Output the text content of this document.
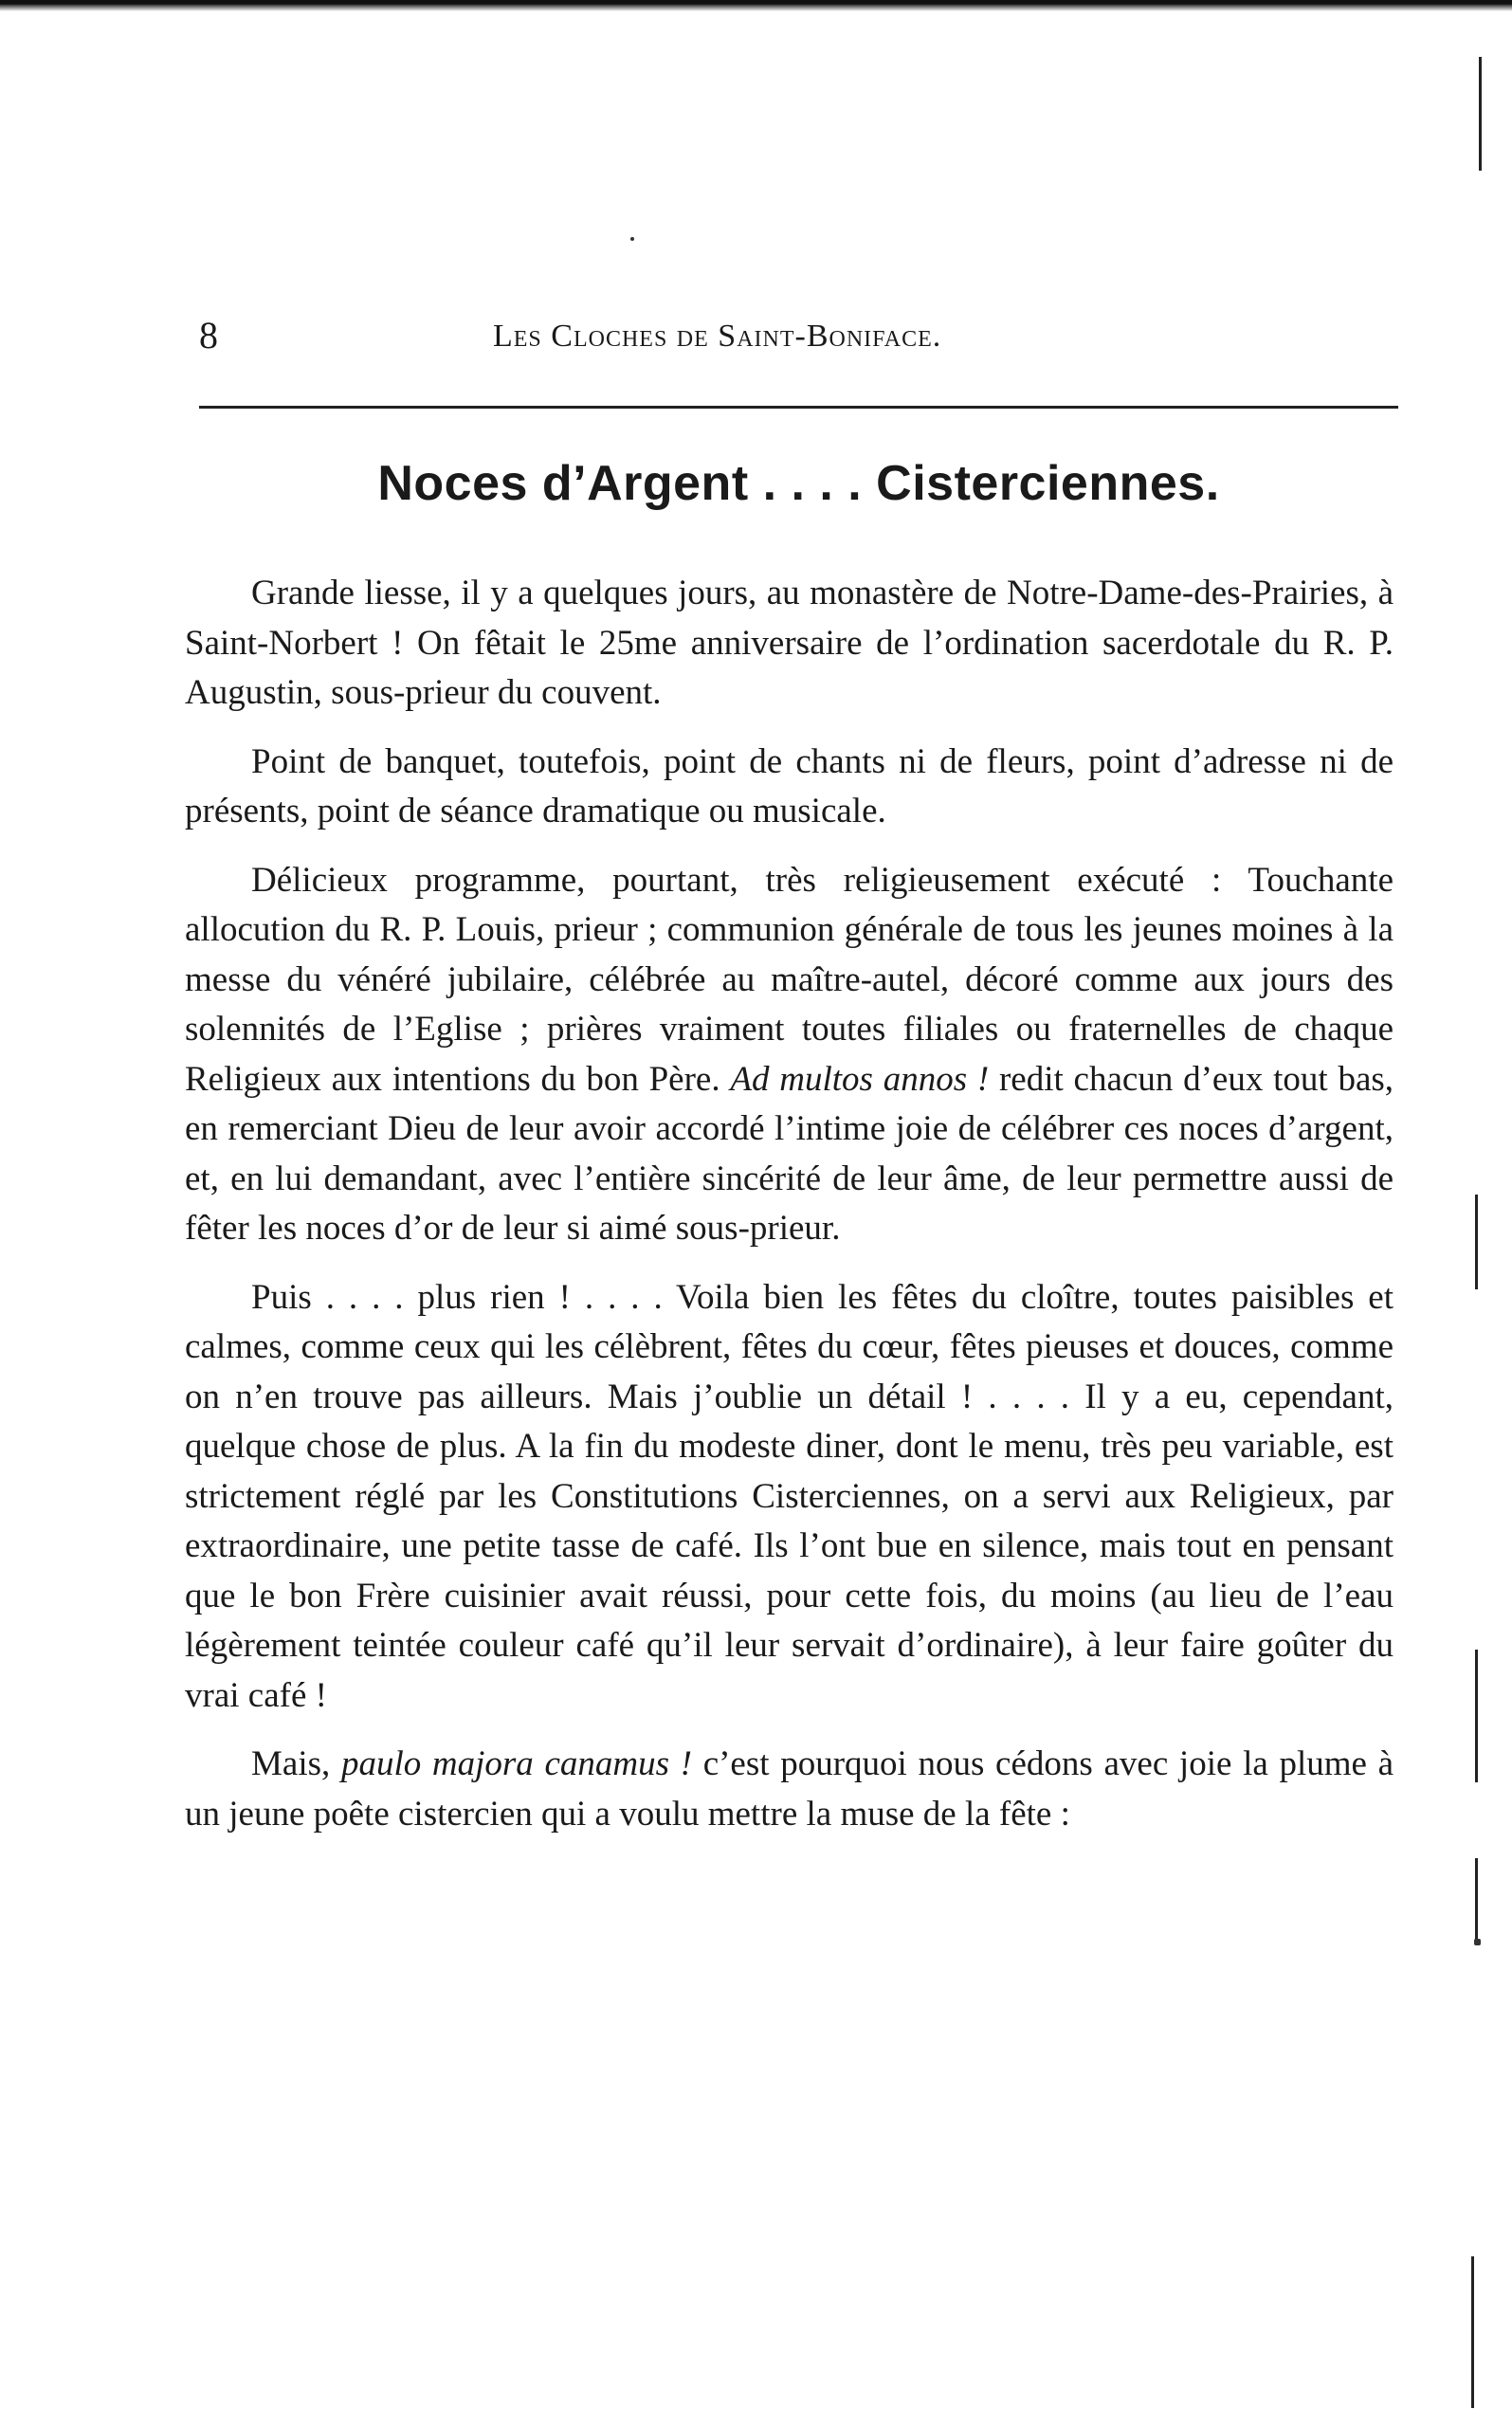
8	Les Cloches de Saint-Boniface.
Noces d’Argent . . . . Cisterciennes.

Grande liesse, il y a quelques jours, au monastère de Notre-Dame-des-Prairies, à Saint-Norbert ! On fêtait le 25me anniversaire de l’ordination sacerdotale du R. P. Augustin, sous-prieur du couvent.

Point de banquet, toutefois, point de chants ni de fleurs, point d’adresse ni de présents, point de séance dramatique ou musicale.

Délicieux programme, pourtant, très religieusement exécuté : Touchante allocution du R. P. Louis, prieur ; communion générale de tous les jeunes moines à la messe du vénéré jubilaire, célébrée au maître-autel, décoré comme aux jours des solennités de l’Eglise ; prières vraiment toutes filiales ou fraternelles de chaque Religieux aux intentions du bon Père. Ad multos annos ! redit chacun d’eux tout bas, en remerciant Dieu de leur avoir accordé l’intime joie de célébrer ces noces d’argent, et, en lui demandant, avec l’entière sincérité de leur âme, de leur permettre aussi de fêter les noces d’or de leur si aimé sous-prieur.

Puis . . . . plus rien ! . . . . Voila bien les fêtes du cloître, toutes paisibles et calmes, comme ceux qui les célèbrent, fêtes du cœur, fêtes pieuses et douces, comme on n’en trouve pas ailleurs. Mais j’oublie un détail ! . . . . Il y a eu, cependant, quelque chose de plus. A la fin du modeste diner, dont le menu, très peu variable, est strictement réglé par les Constitutions Cisterciennes, on a servi aux Religieux, par extraordinaire, une petite tasse de café. Ils l’ont bue en silence, mais tout en pensant que le bon Frère cuisinier avait réussi, pour cette fois, du moins (au lieu de l’eau légèrement teintée couleur café qu’il leur servait d’ordinaire), à leur faire goûter du vrai café !

Mais, paulo majora canamus ! c’est pourquoi nous cédons avec joie la plume à un jeune poête cistercien qui a voulu mettre la muse de la fête :
